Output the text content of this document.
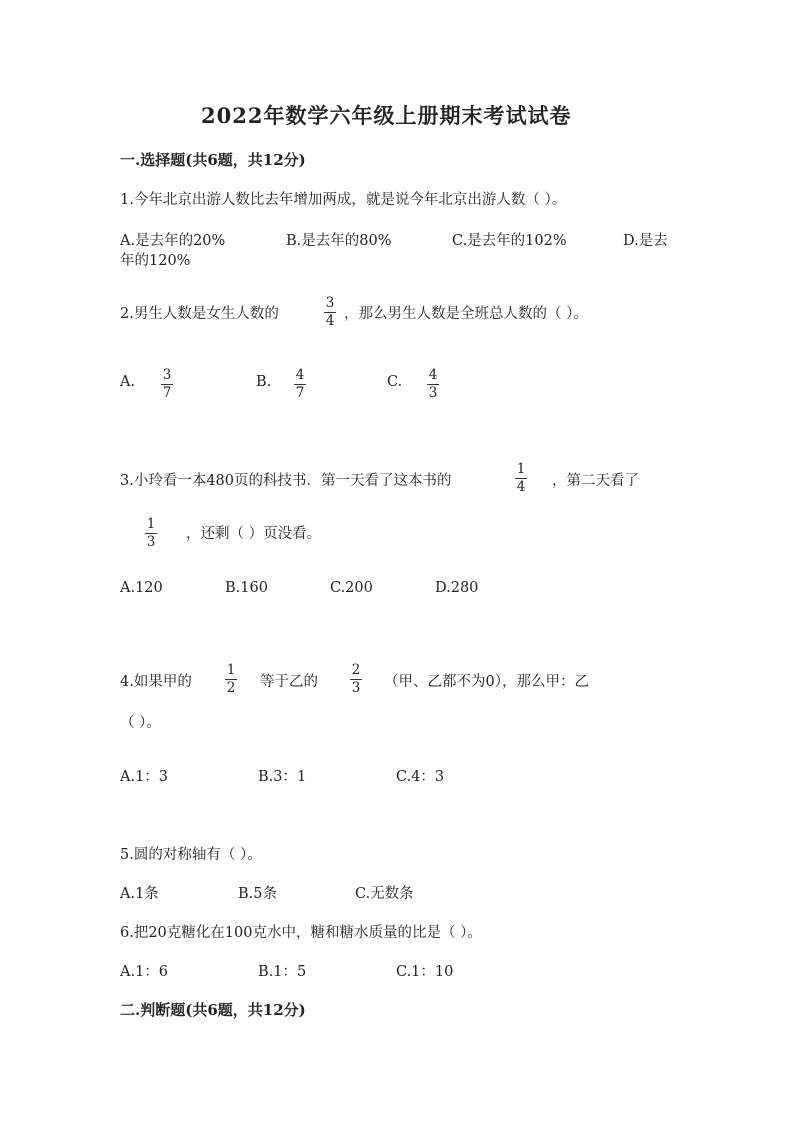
2022年数学六年级上册期末考试试卷
一.选择题(共6题，共12分)
1.今年北京出游人数比去年增加两成，就是说今年北京出游人数（ ）。
A.是去年的20%	B.是去年的80%	C.是去年的102%	D.是去
年的120%
2.男生人数是女生人数的
3
4 ，那么男生人数是全班总人数的（ ）。
A. 3
7
B. 4
7
C. 4
3
3.小玲看一本480页的科技书．第一天看了这本书的
1
4 ，第二天看了
1
3 ，还剩（ ）页没看。
A.120	B.160	C.200	D.280
4.如果甲的
1
2 等于乙的
2
3 （甲、乙都不为0），那么甲：乙
（ ）。
A.1：3	B.3：1	C.4：3
5.圆的对称轴有（ ）。
A.1条	B.5条	C.无数条
6.把20克糖化在100克水中，糖和糖水质量的比是（ ）。
A.1：6	B.1：5	C.1：10
二.判断题(共6题，共12分)
